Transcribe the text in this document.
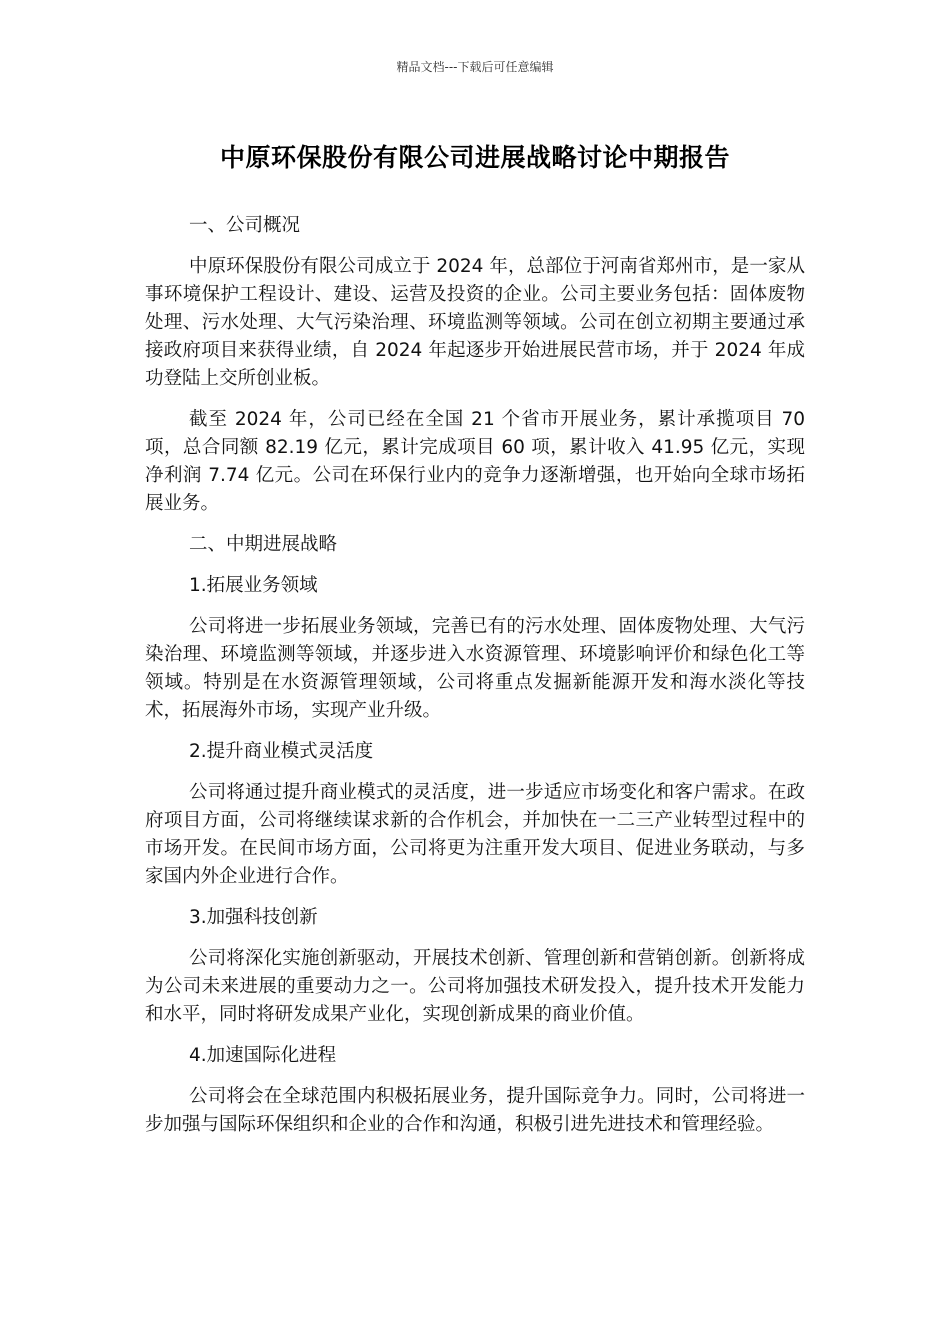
精品文档---下载后可任意编辑
中原环保股份有限公司进展战略讨论中期报告

一、公司概况

中原环保股份有限公司成立于 2024 年，总部位于河南省郑州市，是一家从事环境保护工程设计、建设、运营及投资的企业。公司主要业务包括：固体废物处理、污水处理、大气污染治理、环境监测等领域。公司在创立初期主要通过承接政府项目来获得业绩，自 2024 年起逐步开始进展民营市场，并于 2024 年成功登陆上交所创业板。

截至 2024 年，公司已经在全国 21 个省市开展业务，累计承揽项目 70 项，总合同额 82.19 亿元，累计完成项目 60 项，累计收入 41.95 亿元，实现净利润 7.74 亿元。公司在环保行业内的竞争力逐渐增强，也开始向全球市场拓展业务。

二、中期进展战略

1.拓展业务领域

公司将进一步拓展业务领域，完善已有的污水处理、固体废物处理、大气污染治理、环境监测等领域，并逐步进入水资源管理、环境影响评价和绿色化工等领域。特别是在水资源管理领域，公司将重点发掘新能源开发和海水淡化等技术，拓展海外市场，实现产业升级。

2.提升商业模式灵活度

公司将通过提升商业模式的灵活度，进一步适应市场变化和客户需求。在政府项目方面，公司将继续谋求新的合作机会，并加快在一二三产业转型过程中的市场开发。在民间市场方面，公司将更为注重开发大项目、促进业务联动，与多家国内外企业进行合作。

3.加强科技创新

公司将深化实施创新驱动，开展技术创新、管理创新和营销创新。创新将成为公司未来进展的重要动力之一。公司将加强技术研发投入，提升技术开发能力和水平，同时将研发成果产业化，实现创新成果的商业价值。

4.加速国际化进程

公司将会在全球范围内积极拓展业务，提升国际竞争力。同时，公司将进一步加强与国际环保组织和企业的合作和沟通，积极引进先进技术和管理经验。
